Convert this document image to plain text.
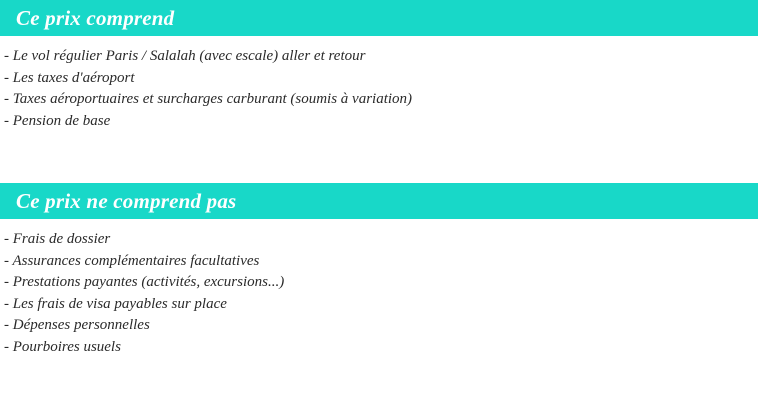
Ce prix comprend
- Le vol régulier Paris / Salalah (avec escale) aller et retour
- Les taxes d'aéroport
- Taxes aéroportuaires et surcharges carburant (soumis à variation)
- Pension de base
Ce prix ne comprend pas
- Frais de dossier
- Assurances complémentaires facultatives
- Prestations payantes (activités, excursions...)
- Les frais de visa payables sur place
- Dépenses personnelles
- Pourboires usuels
